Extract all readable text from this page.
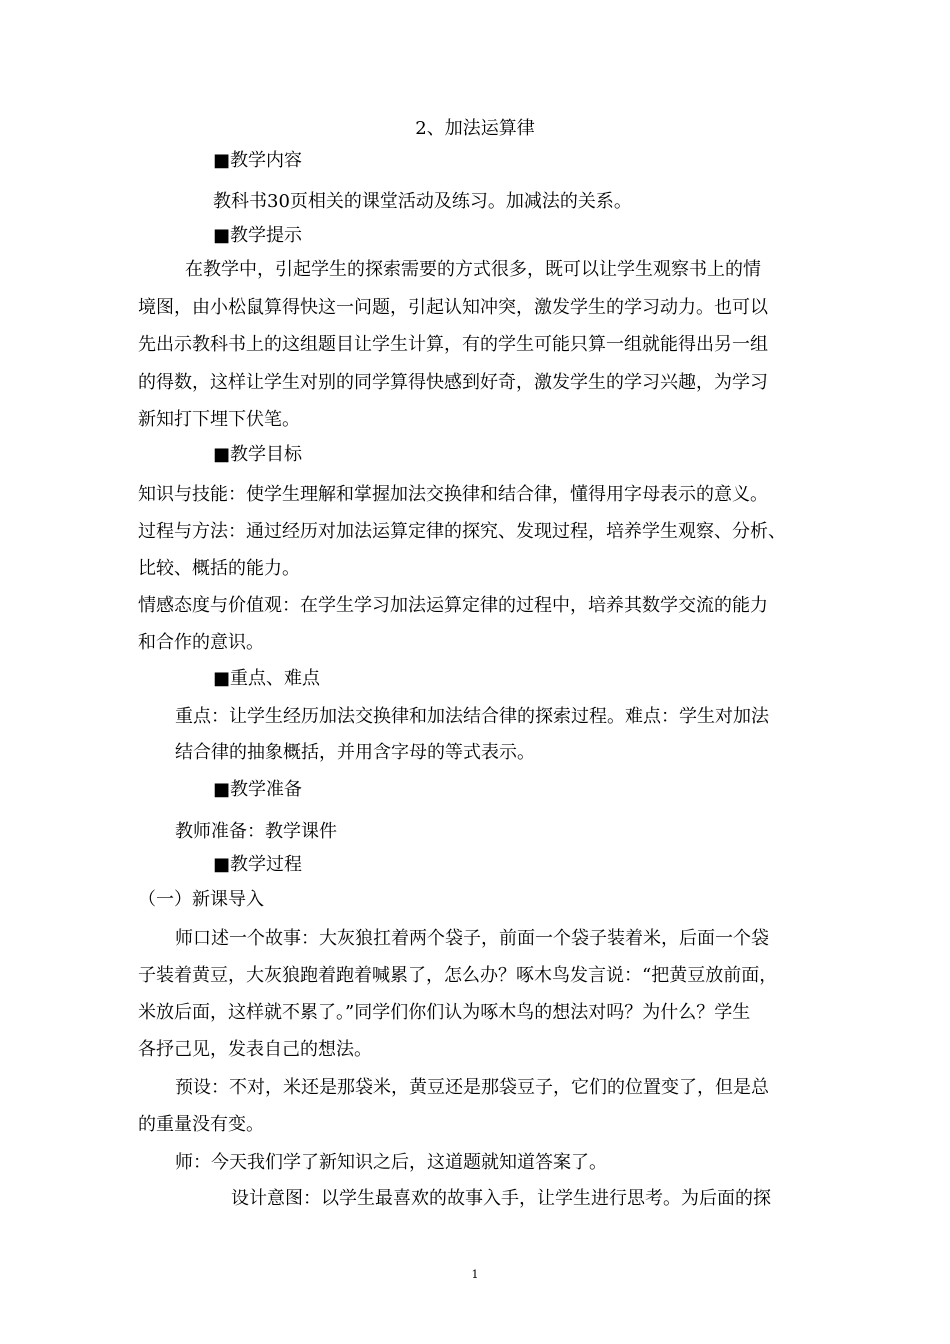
2、加法运算律
■教学内容
教科书30页相关的课堂活动及练习。加减法的关系。
■教学提示
在教学中，引起学生的探索需要的方式很多，既可以让学生观察书上的情
境图，由小松鼠算得快这一问题，引起认知冲突，激发学生的学习动力。也可以
先出示教科书上的这组题目让学生计算，有的学生可能只算一组就能得出另一组
的得数，这样让学生对别的同学算得快感到好奇，激发学生的学习兴趣，为学习
新知打下埋下伏笔。
■教学目标
知识与技能：使学生理解和掌握加法交换律和结合律，懂得用字母表示的意义。
过程与方法：通过经历对加法运算定律的探究、发现过程，培养学生观察、分析、
比较、概括的能力。
情感态度与价值观：在学生学习加法运算定律的过程中，培养其数学交流的能力
和合作的意识。
■重点、难点
重点：让学生经历加法交换律和加法结合律的探索过程。难点：学生对加法
结合律的抽象概括，并用含字母的等式表示。
■教学准备
教师准备：教学课件
■教学过程
（一）新课导入
师口述一个故事：大灰狼扛着两个袋子，前面一个袋子装着米，后面一个袋
子装着黄豆，大灰狼跑着跑着喊累了，怎么办？啄木鸟发言说：“把黄豆放前面，
米放后面，这样就不累了。”同学们你们认为啄木鸟的想法对吗？为什么？学生
各抒己见，发表自己的想法。
预设：不对，米还是那袋米，黄豆还是那袋豆子，它们的位置变了，但是总
的重量没有变。
师：今天我们学了新知识之后，这道题就知道答案了。
设计意图：以学生最喜欢的故事入手，让学生进行思考。为后面的探
1
